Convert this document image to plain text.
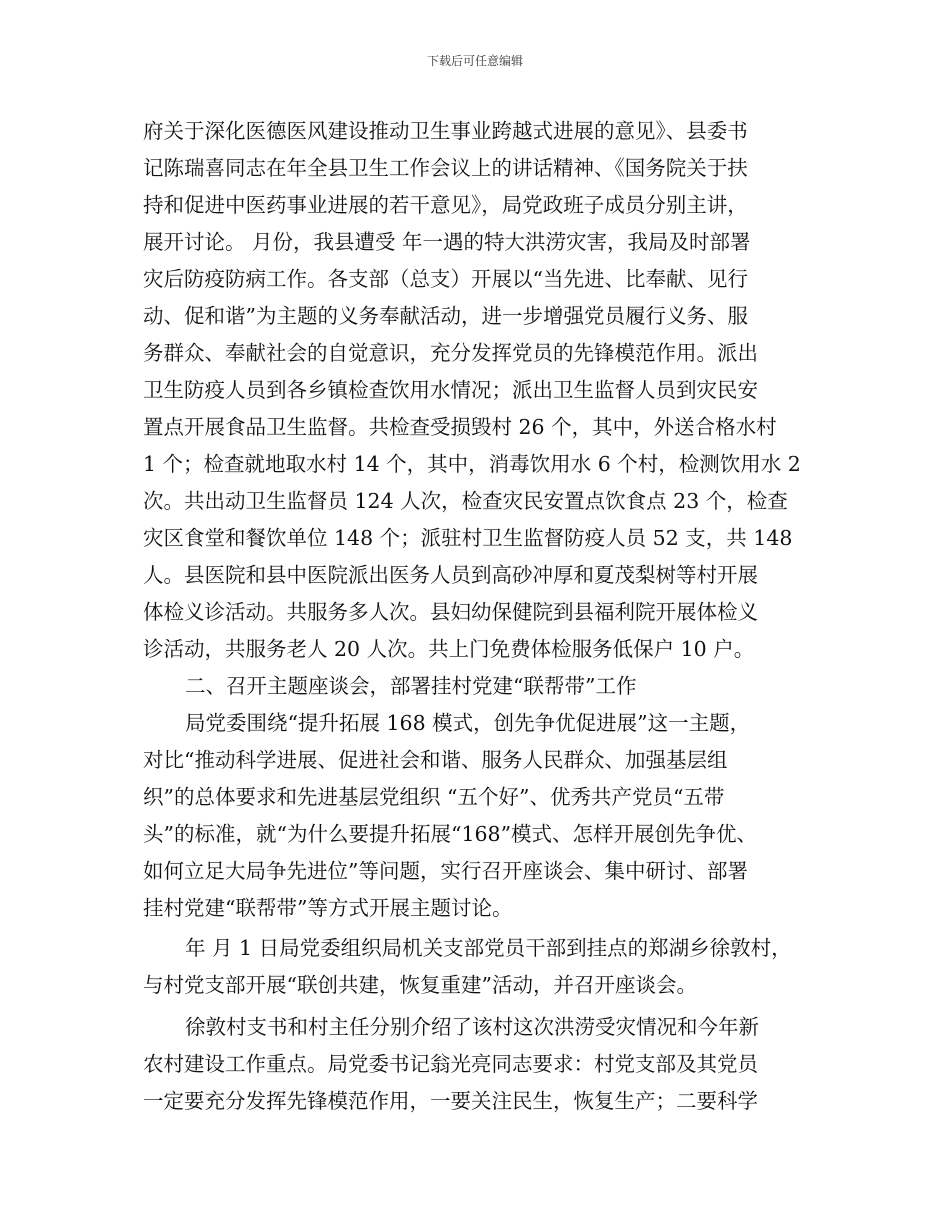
下载后可任意编辑
府关于深化医德医风建设推动卫生事业跨越式进展的意见》、县委书
记陈瑞喜同志在年全县卫生工作会议上的讲话精神、《国务院关于扶
持和促进中医药事业进展的若干意见》，局党政班子成员分别主讲，
展开讨论。 月份，我县遭受 年一遇的特大洪涝灾害，我局及时部署
灾后防疫防病工作。各支部（总支）开展以“当先进、比奉献、见行
动、促和谐”为主题的义务奉献活动，进一步增强党员履行义务、服
务群众、奉献社会的自觉意识，充分发挥党员的先锋模范作用。派出
卫生防疫人员到各乡镇检查饮用水情况；派出卫生监督人员到灾民安
置点开展食品卫生监督。共检查受损毁村 26 个，其中，外送合格水村
1 个；检查就地取水村 14 个，其中，消毒饮用水 6 个村，检测饮用水 2
次。共出动卫生监督员 124 人次，检查灾民安置点饮食点 23 个，检查
灾区食堂和餐饮单位 148 个；派驻村卫生监督防疫人员 52 支，共 148
人。县医院和县中医院派出医务人员到高砂冲厚和夏茂梨树等村开展
体检义诊活动。共服务多人次。县妇幼保健院到县福利院开展体检义
诊活动，共服务老人 20 人次。共上门免费体检服务低保户 10 户。
二、召开主题座谈会，部署挂村党建“联帮带”工作
局党委围绕“提升拓展 168 模式，创先争优促进展”这一主题，
对比“推动科学进展、促进社会和谐、服务人民群众、加强基层组
织”的总体要求和先进基层党组织 “五个好”、优秀共产党员“五带
头”的标准，就“为什么要提升拓展“168”模式、怎样开展创先争优、
如何立足大局争先进位”等问题，实行召开座谈会、集中研讨、部署
挂村党建“联帮带”等方式开展主题讨论。
年 月 1 日局党委组织局机关支部党员干部到挂点的郑湖乡徐敦村，
与村党支部开展“联创共建，恢复重建”活动，并召开座谈会。
徐敦村支书和村主任分别介绍了该村这次洪涝受灾情况和今年新
农村建设工作重点。局党委书记翁光亮同志要求：村党支部及其党员
一定要充分发挥先锋模范作用，一要关注民生，恢复生产；二要科学
